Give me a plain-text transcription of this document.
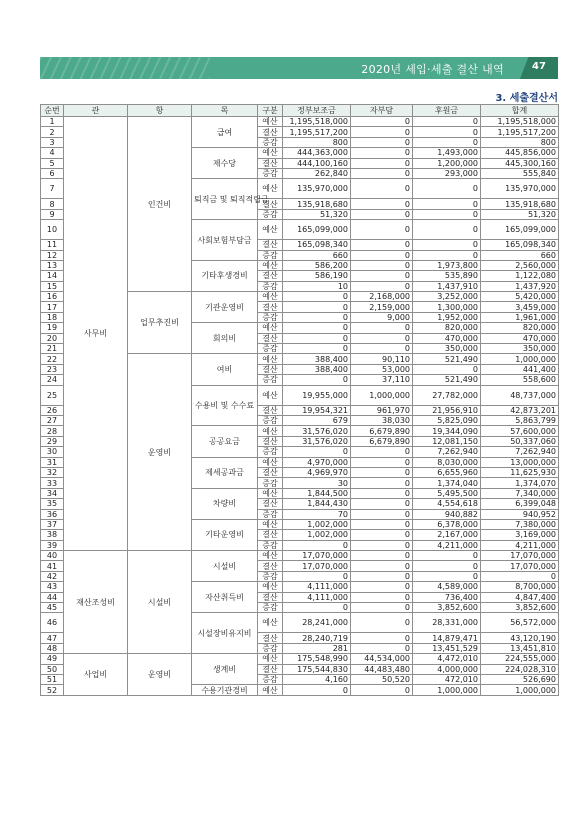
2020년 세입·세출 결산 내역	47
3. 세출결산서
순번	관	항	목	구분	정부보조금	자부담	후원금	합계
1	사무비	인건비	급여	예산	1,195,518,000	0	0	1,195,518,000
2				결산	1,195,517,200	0	0	1,195,517,200
3				증감	800	0	0	800
4			제수당	예산	444,363,000	0	1,493,000	445,856,000
5				결산	444,100,160	0	1,200,000	445,300,160
6				증감	262,840	0	293,000	555,840
7			퇴직금 및 퇴직적립금	예산	135,970,000	0	0	135,970,000
8				결산	135,918,680	0	0	135,918,680
9				증감	51,320	0	0	51,320
10			사회보험부담금	예산	165,099,000	0	0	165,099,000
11				결산	165,098,340	0	0	165,098,340
12				증감	660	0	0	660
13			기타후생경비	예산	586,200	0	1,973,800	2,560,000
14				결산	586,190	0	535,890	1,122,080
15				증감	10	0	1,437,910	1,437,920
16		업무추진비	기관운영비	예산	0	2,168,000	3,252,000	5,420,000
17				결산	0	2,159,000	1,300,000	3,459,000
18				증감	0	9,000	1,952,000	1,961,000
19			회의비	예산	0	0	820,000	820,000
20				결산	0	0	470,000	470,000
21				증감	0	0	350,000	350,000
22		운영비	여비	예산	388,400	90,110	521,490	1,000,000
23				결산	388,400	53,000	0	441,400
24				증감	0	37,110	521,490	558,600
25			수용비 및 수수료	예산	19,955,000	1,000,000	27,782,000	48,737,000
26				결산	19,954,321	961,970	21,956,910	42,873,201
27				증감	679	38,030	5,825,090	5,863,799
28			공공요금	예산	31,576,020	6,679,890	19,344,090	57,600,000
29				결산	31,576,020	6,679,890	12,081,150	50,337,060
30				증감	0	0	7,262,940	7,262,940
31			제세공과금	예산	4,970,000	0	8,030,000	13,000,000
32				결산	4,969,970	0	6,655,960	11,625,930
33				증감	30	0	1,374,040	1,374,070
34			차량비	예산	1,844,500	0	5,495,500	7,340,000
35				결산	1,844,430	0	4,554,618	6,399,048
36				증감	70	0	940,882	940,952
37			기타운영비	예산	1,002,000	0	6,378,000	7,380,000
38				결산	1,002,000	0	2,167,000	3,169,000
39				증감	0	0	4,211,000	4,211,000
40	재산조성비	시설비	시설비	예산	17,070,000	0	0	17,070,000
41				결산	17,070,000	0	0	17,070,000
42				증감	0	0	0	0
43			자산취득비	예산	4,111,000	0	4,589,000	8,700,000
44				결산	4,111,000	0	736,400	4,847,400
45				증감	0	0	3,852,600	3,852,600
46			시설장비유지비	예산	28,241,000	0	28,331,000	56,572,000
47				결산	28,240,719	0	14,879,471	43,120,190
48				증감	281	0	13,451,529	13,451,810
49	사업비	운영비	생계비	예산	175,548,990	44,534,000	4,472,010	224,555,000
50				결산	175,544,830	44,483,480	4,000,000	224,028,310
51				증감	4,160	50,520	472,010	526,690
52			수용기관경비	예산	0	0	1,000,000	1,000,000
